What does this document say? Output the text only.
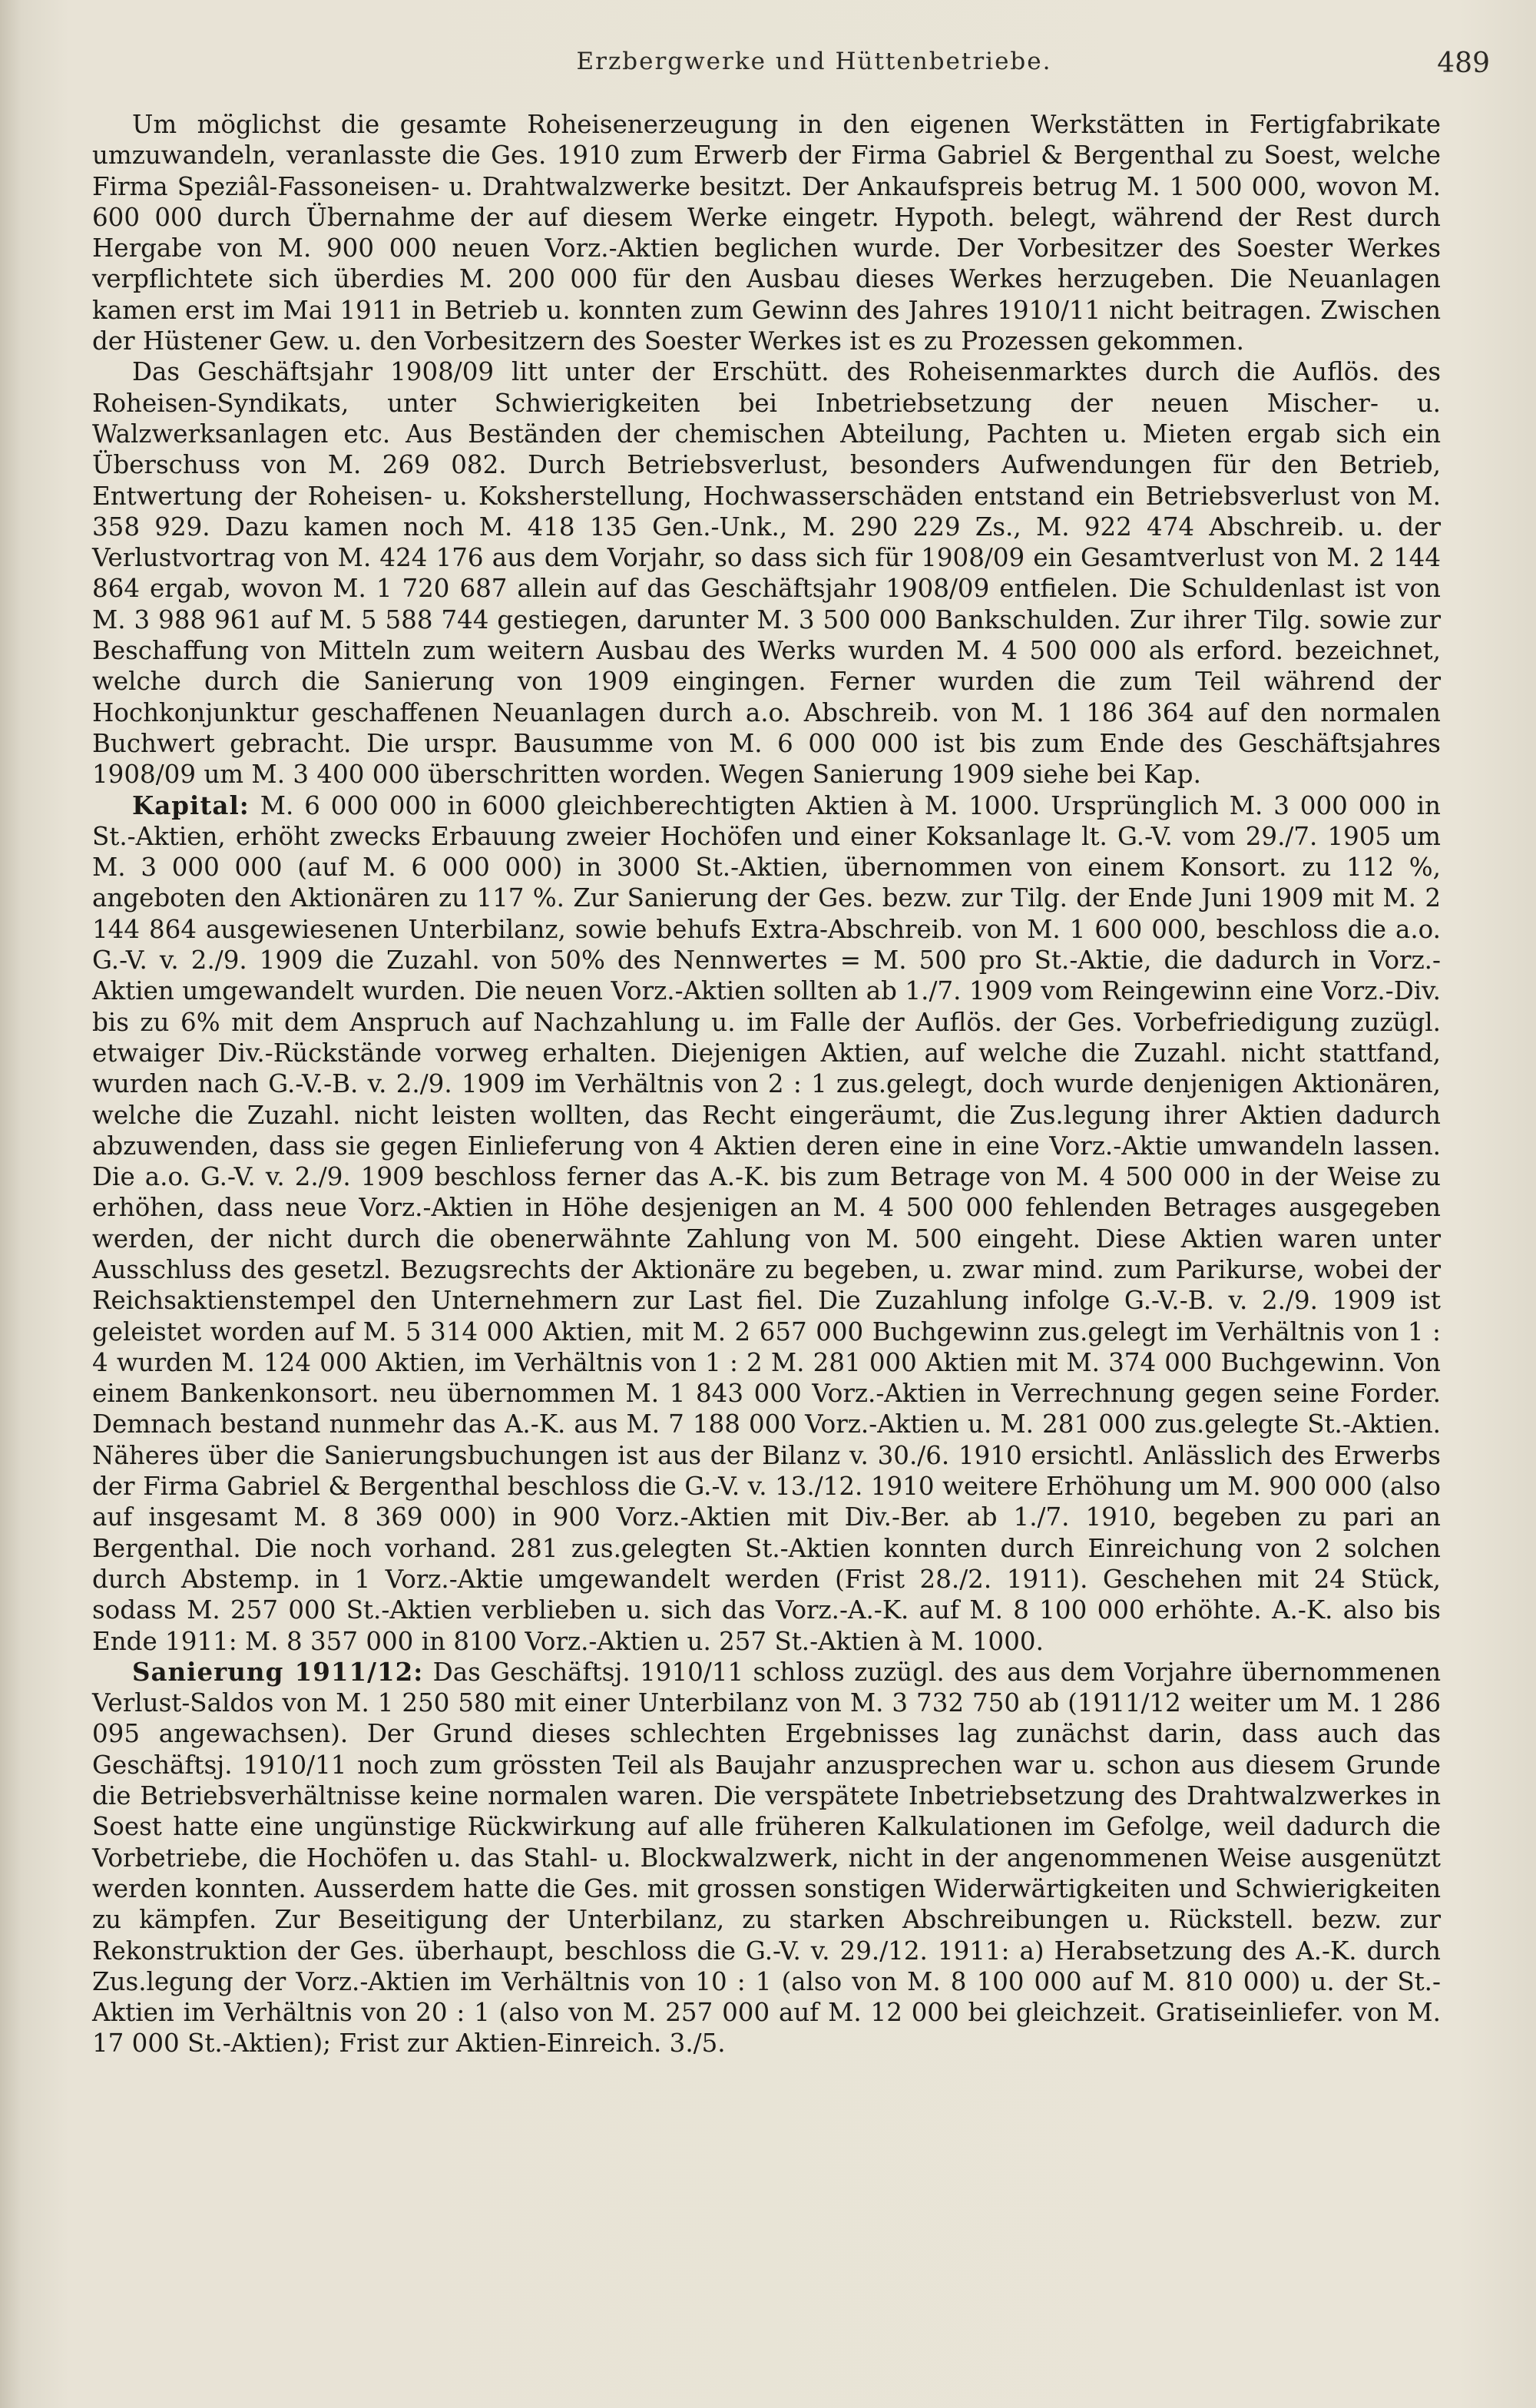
Erzbergwerke und Hüttenbetriebe.	489

Um möglichst die gesamte Roheisenerzeugung in den eigenen Werkstätten in Fertigfabrikate umzuwandeln, veranlasste die Ges. 1910 zum Erwerb der Firma Gabriel & Bergenthal zu Soest, welche Firma Speziâl-Fassoneisen- u. Drahtwalzwerke besitzt. Der Ankaufspreis betrug M. 1 500 000, wovon M. 600 000 durch Übernahme der auf diesem Werke eingetr. Hypoth. belegt, während der Rest durch Hergabe von M. 900 000 neuen Vorz.-Aktien beglichen wurde. Der Vorbesitzer des Soester Werkes verpflichtete sich überdies M. 200 000 für den Ausbau dieses Werkes herzugeben. Die Neuanlagen kamen erst im Mai 1911 in Betrieb u. konnten zum Gewinn des Jahres 1910/11 nicht beitragen. Zwischen der Hüstener Gew. u. den Vorbesitzern des Soester Werkes ist es zu Prozessen gekommen.

Das Geschäftsjahr 1908/09 litt unter der Erschütt. des Roheisenmarktes durch die Auflös. des Roheisen-Syndikats, unter Schwierigkeiten bei Inbetriebsetzung der neuen Mischer- u. Walzwerksanlagen etc. Aus Beständen der chemischen Abteilung, Pachten u. Mieten ergab sich ein Überschuss von M. 269 082. Durch Betriebsverlust, besonders Aufwendungen für den Betrieb, Entwertung der Roheisen- u. Koksherstellung, Hochwasserschäden entstand ein Betriebsverlust von M. 358 929. Dazu kamen noch M. 418 135 Gen.-Unk., M. 290 229 Zs., M. 922 474 Abschreib. u. der Verlustvortrag von M. 424 176 aus dem Vorjahr, so dass sich für 1908/09 ein Gesamtverlust von M. 2 144 864 ergab, wovon M. 1 720 687 allein auf das Geschäftsjahr 1908/09 entfielen. Die Schuldenlast ist von M. 3 988 961 auf M. 5 588 744 gestiegen, darunter M. 3 500 000 Bankschulden. Zur ihrer Tilg. sowie zur Beschaffung von Mitteln zum weitern Ausbau des Werks wurden M. 4 500 000 als erford. bezeichnet, welche durch die Sanierung von 1909 eingingen. Ferner wurden die zum Teil während der Hochkonjunktur geschaffenen Neuanlagen durch a.o. Abschreib. von M. 1 186 364 auf den normalen Buchwert gebracht. Die urspr. Bausumme von M. 6 000 000 ist bis zum Ende des Geschäftsjahres 1908/09 um M. 3 400 000 überschritten worden. Wegen Sanierung 1909 siehe bei Kap.

Kapital: M. 6 000 000 in 6000 gleichberechtigten Aktien à M. 1000. Ursprünglich M. 3 000 000 in St.-Aktien, erhöht zwecks Erbauung zweier Hochöfen und einer Koksanlage lt. G.-V. vom 29./7. 1905 um M. 3 000 000 (auf M. 6 000 000) in 3000 St.-Aktien, übernommen von einem Konsort. zu 112 %, angeboten den Aktionären zu 117 %. Zur Sanierung der Ges. bezw. zur Tilg. der Ende Juni 1909 mit M. 2 144 864 ausgewiesenen Unterbilanz, sowie behufs Extra-Abschreib. von M. 1 600 000, beschloss die a.o. G.-V. v. 2./9. 1909 die Zuzahl. von 50% des Nennwertes = M. 500 pro St.-Aktie, die dadurch in Vorz.-Aktien umgewandelt wurden. Die neuen Vorz.-Aktien sollten ab 1./7. 1909 vom Reingewinn eine Vorz.-Div. bis zu 6% mit dem Anspruch auf Nachzahlung u. im Falle der Auflös. der Ges. Vorbefriedigung zuzügl. etwaiger Div.-Rückstände vorweg erhalten. Diejenigen Aktien, auf welche die Zuzahl. nicht stattfand, wurden nach G.-V.-B. v. 2./9. 1909 im Verhältnis von 2 : 1 zus.gelegt, doch wurde denjenigen Aktionären, welche die Zuzahl. nicht leisten wollten, das Recht eingeräumt, die Zus.legung ihrer Aktien dadurch abzuwenden, dass sie gegen Einlieferung von 4 Aktien deren eine in eine Vorz.-Aktie umwandeln lassen. Die a.o. G.-V. v. 2./9. 1909 beschloss ferner das A.-K. bis zum Betrage von M. 4 500 000 in der Weise zu erhöhen, dass neue Vorz.-Aktien in Höhe desjenigen an M. 4 500 000 fehlenden Betrages ausgegeben werden, der nicht durch die obenerwähnte Zahlung von M. 500 eingeht. Diese Aktien waren unter Ausschluss des gesetzl. Bezugsrechts der Aktionäre zu begeben, u. zwar mind. zum Parikurse, wobei der Reichsaktienstempel den Unternehmern zur Last fiel. Die Zuzahlung infolge G.-V.-B. v. 2./9. 1909 ist geleistet worden auf M. 5 314 000 Aktien, mit M. 2 657 000 Buchgewinn zus.gelegt im Verhältnis von 1 : 4 wurden M. 124 000 Aktien, im Verhältnis von 1 : 2 M. 281 000 Aktien mit M. 374 000 Buchgewinn. Von einem Bankenkonsort. neu übernommen M. 1 843 000 Vorz.-Aktien in Verrechnung gegen seine Forder. Demnach bestand nunmehr das A.-K. aus M. 7 188 000 Vorz.-Aktien u. M. 281 000 zus.gelegte St.-Aktien. Näheres über die Sanierungsbuchungen ist aus der Bilanz v. 30./6. 1910 ersichtl. Anlässlich des Erwerbs der Firma Gabriel & Bergenthal beschloss die G.-V. v. 13./12. 1910 weitere Erhöhung um M. 900 000 (also auf insgesamt M. 8 369 000) in 900 Vorz.-Aktien mit Div.-Ber. ab 1./7. 1910, begeben zu pari an Bergenthal. Die noch vorhand. 281 zus.gelegten St.-Aktien konnten durch Einreichung von 2 solchen durch Abstemp. in 1 Vorz.-Aktie umgewandelt werden (Frist 28./2. 1911). Geschehen mit 24 Stück, sodass M. 257 000 St.-Aktien verblieben u. sich das Vorz.-A.-K. auf M. 8 100 000 erhöhte. A.-K. also bis Ende 1911: M. 8 357 000 in 8100 Vorz.-Aktien u. 257 St.-Aktien à M. 1000.

Sanierung 1911/12: Das Geschäftsj. 1910/11 schloss zuzügl. des aus dem Vorjahre übernommenen Verlust-Saldos von M. 1 250 580 mit einer Unterbilanz von M. 3 732 750 ab (1911/12 weiter um M. 1 286 095 angewachsen). Der Grund dieses schlechten Ergebnisses lag zunächst darin, dass auch das Geschäftsj. 1910/11 noch zum grössten Teil als Baujahr anzusprechen war u. schon aus diesem Grunde die Betriebsverhältnisse keine normalen waren. Die verspätete Inbetriebsetzung des Drahtwalzwerkes in Soest hatte eine ungünstige Rückwirkung auf alle früheren Kalkulationen im Gefolge, weil dadurch die Vorbetriebe, die Hochöfen u. das Stahl- u. Blockwalzwerk, nicht in der angenommenen Weise ausgenützt werden konnten. Ausserdem hatte die Ges. mit grossen sonstigen Widerwärtigkeiten und Schwierigkeiten zu kämpfen. Zur Beseitigung der Unterbilanz, zu starken Abschreibungen u. Rückstell. bezw. zur Rekonstruktion der Ges. überhaupt, beschloss die G.-V. v. 29./12. 1911: a) Herabsetzung des A.-K. durch Zus.legung der Vorz.-Aktien im Verhältnis von 10 : 1 (also von M. 8 100 000 auf M. 810 000) u. der St.-Aktien im Verhältnis von 20 : 1 (also von M. 257 000 auf M. 12 000 bei gleichzeit. Gratiseinliefer. von M. 17 000 St.-Aktien); Frist zur Aktien-Einreich. 3./5.
